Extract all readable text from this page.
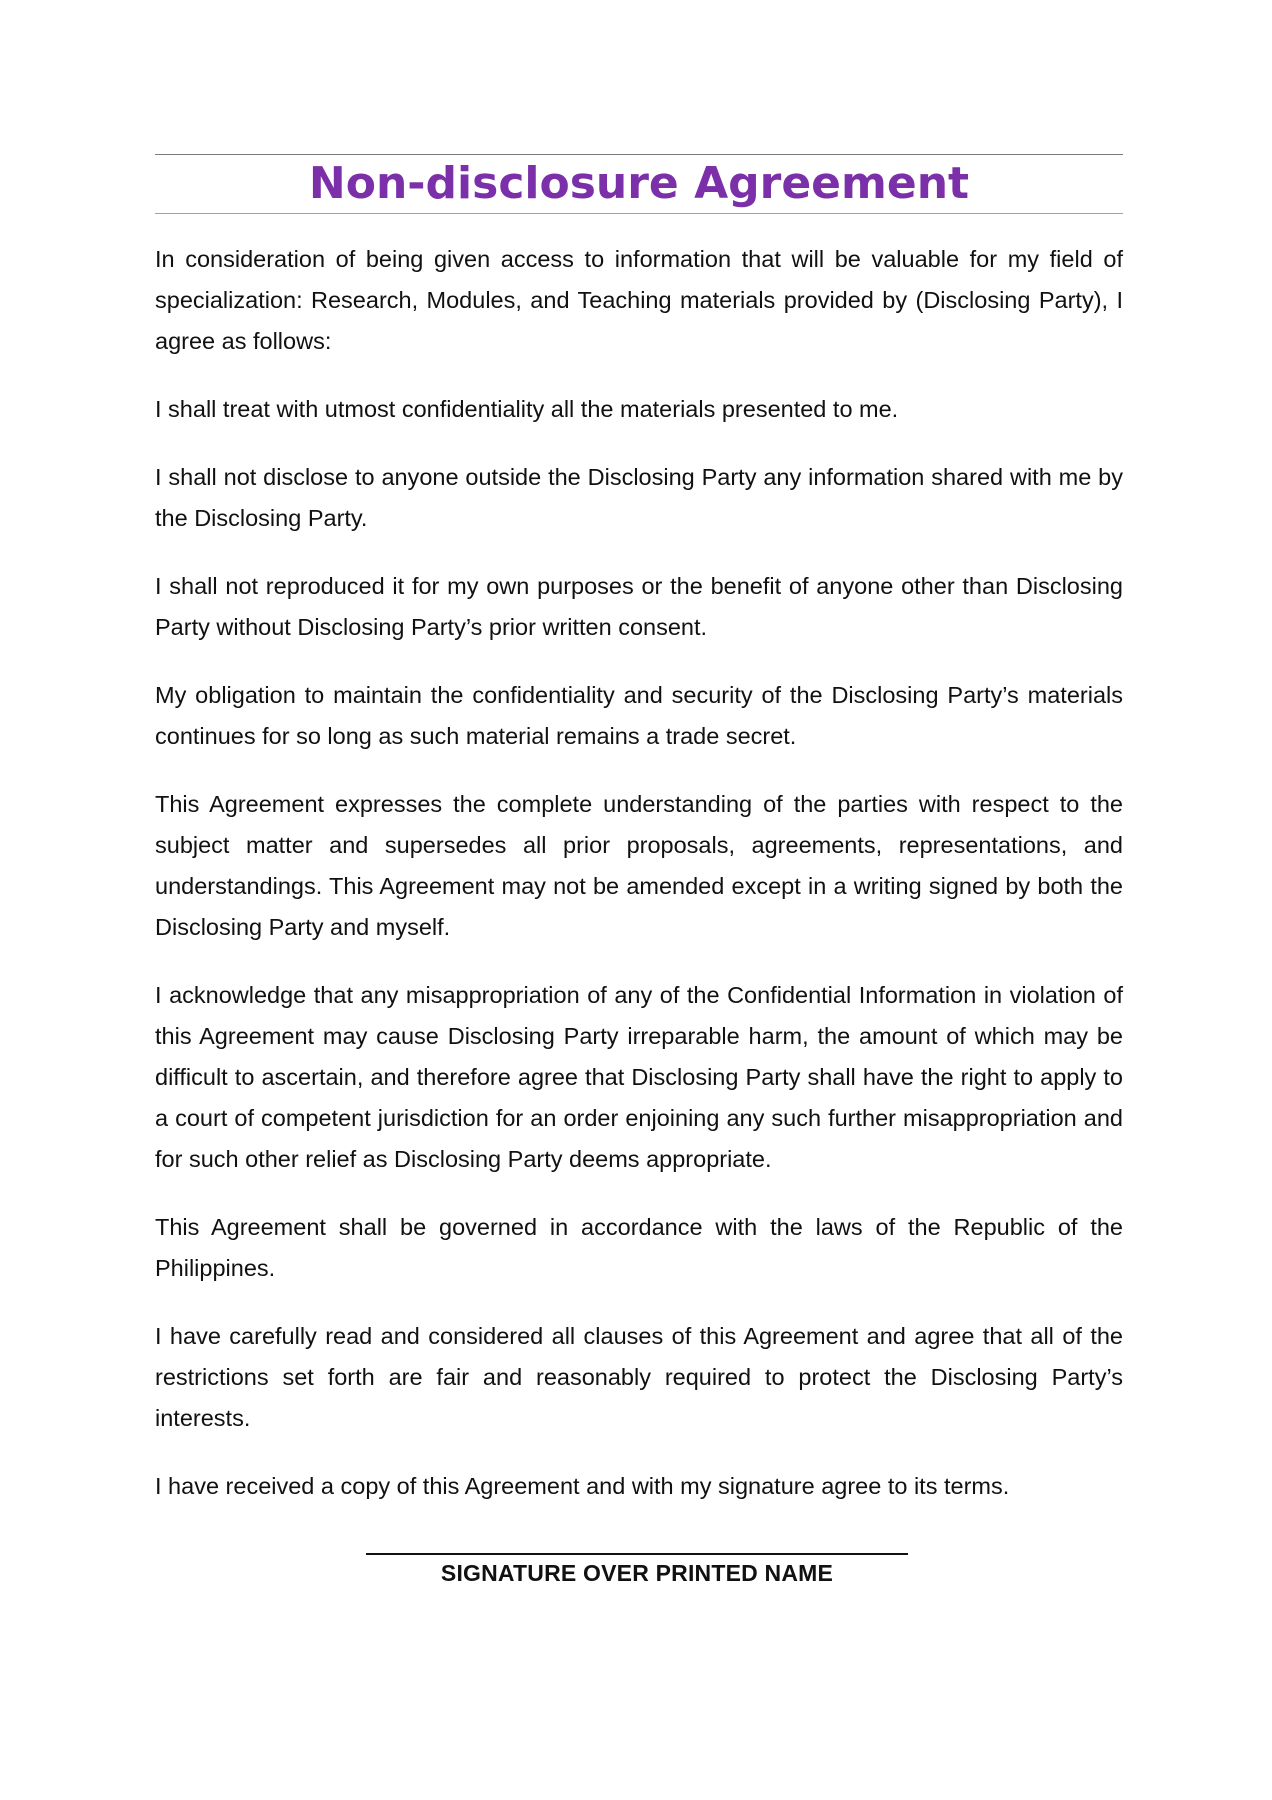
Non-disclosure Agreement

In consideration of being given access to information that will be valuable for my field of specialization: Research, Modules, and Teaching materials provided by (Disclosing Party), I agree as follows:

I shall treat with utmost confidentiality all the materials presented to me.

I shall not disclose to anyone outside the Disclosing Party any information shared with me by the Disclosing Party.

I shall not reproduced it for my own purposes or the benefit of anyone other than Disclosing Party without Disclosing Party’s prior written consent.

My obligation to maintain the confidentiality and security of the Disclosing Party’s materials continues for so long as such material remains a trade secret.

This Agreement expresses the complete understanding of the parties with respect to the subject matter and supersedes all prior proposals, agreements, representations, and understandings. This Agreement may not be amended except in a writing signed by both the Disclosing Party and myself.

I acknowledge that any misappropriation of any of the Confidential Information in violation of this Agreement may cause Disclosing Party irreparable harm, the amount of which may be difficult to ascertain, and therefore agree that Disclosing Party shall have the right to apply to a court of competent jurisdiction for an order enjoining any such further misappropriation and for such other relief as Disclosing Party deems appropriate.

This Agreement shall be governed in accordance with the laws of the Republic of the Philippines.

I have carefully read and considered all clauses of this Agreement and agree that all of the restrictions set forth are fair and reasonably required to protect the Disclosing Party’s interests.

I have received a copy of this Agreement and with my signature agree to its terms.

SIGNATURE OVER PRINTED NAME
